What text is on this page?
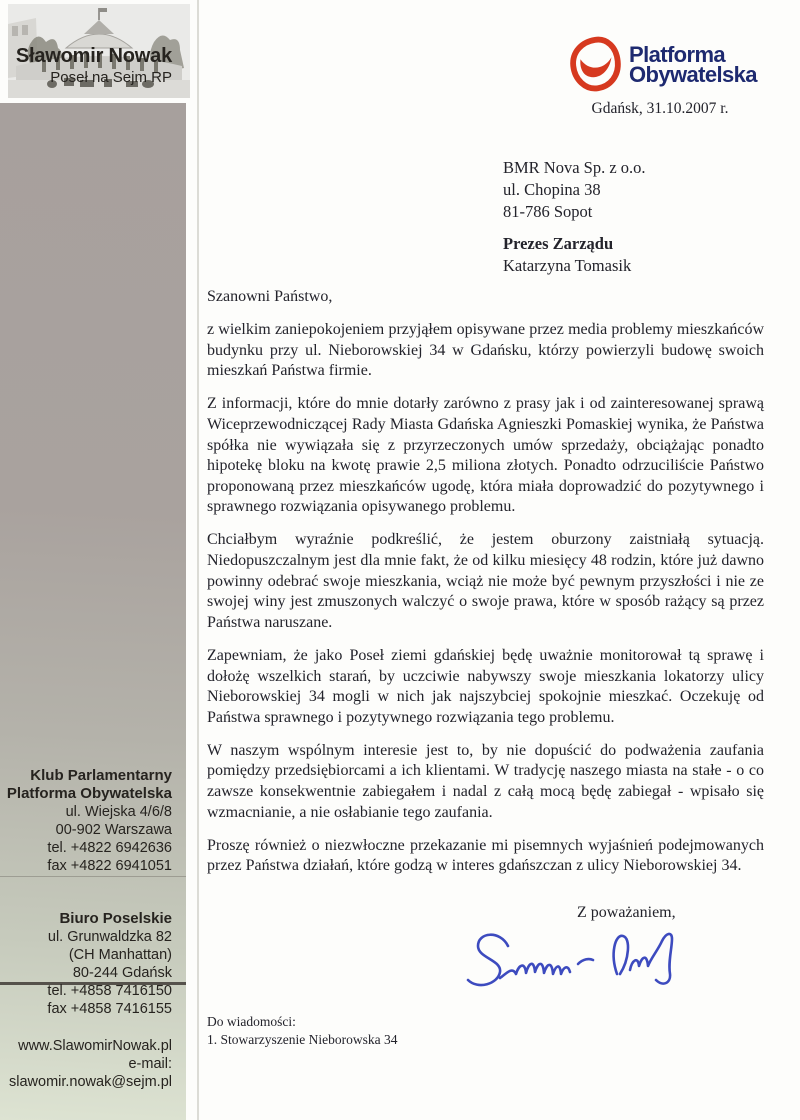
Sławomir Nowak
Poseł na Sejm RP
Klub Parlamentarny
Platforma Obywatelska
ul. Wiejska 4/6/8
00-902 Warszawa
tel. +4822 6942636
fax +4822 6941051
Biuro Poselskie
ul. Grunwaldzka 82
(CH Manhattan)
80-244 Gdańsk
tel. +4858 7416150
fax +4858 7416155
www.SlawomirNowak.pl
e-mail:
slawomir.nowak@sejm.pl
Platforma
Obywatelska
Gdańsk, 31.10.2007 r.
BMR Nova Sp. z o.o.
ul. Chopina 38
81-786 Sopot
Prezes Zarządu
Katarzyna Tomasik

Szanowni Państwo,

z wielkim zaniepokojeniem przyjąłem opisywane przez media problemy mieszkańców budynku przy ul. Nieborowskiej 34 w Gdańsku, którzy powierzyli budowę swoich mieszkań Państwa firmie.

Z informacji, które do mnie dotarły zarówno z prasy jak i od zainteresowanej sprawą Wiceprzewodniczącej Rady Miasta Gdańska Agnieszki Pomaskiej wynika, że Państwa spółka nie wywiązała się z przyrzeczonych umów sprzedaży, obciążając ponadto hipotekę bloku na kwotę prawie 2,5 miliona złotych. Ponadto odrzuciliście Państwo proponowaną przez mieszkańców ugodę, która miała doprowadzić do pozytywnego i sprawnego rozwiązania opisywanego problemu.

Chciałbym wyraźnie podkreślić, że jestem oburzony zaistniałą sytuacją. Niedopuszczalnym jest dla mnie fakt, że od kilku miesięcy 48 rodzin, które już dawno powinny odebrać swoje mieszkania, wciąż nie może być pewnym przyszłości i nie ze swojej winy jest zmuszonych walczyć o swoje prawa, które w sposób rażący są przez Państwa naruszane.

Zapewniam, że jako Poseł ziemi gdańskiej będę uważnie monitorował tą sprawę i dołożę wszelkich starań, by uczciwie nabywszy swoje mieszkania lokatorzy ulicy Nieborowskiej 34 mogli w nich jak najszybciej spokojnie mieszkać. Oczekuję od Państwa sprawnego i pozytywnego rozwiązania tego problemu.

W naszym wspólnym interesie jest to, by nie dopuścić do podważenia zaufania pomiędzy przedsiębiorcami a ich klientami. W tradycję naszego miasta na stałe - o co zawsze konsekwentnie zabiegałem i nadal z całą mocą będę zabiegał - wpisało się wzmacnianie, a nie osłabianie tego zaufania.

Proszę również o niezwłoczne przekazanie mi pisemnych wyjaśnień podejmowanych przez Państwa działań, które godzą w interes gdańszczan z ulicy Nieborowskiej 34.

Z poważaniem,
Do wiadomości:
1. Stowarzyszenie Nieborowska 34
